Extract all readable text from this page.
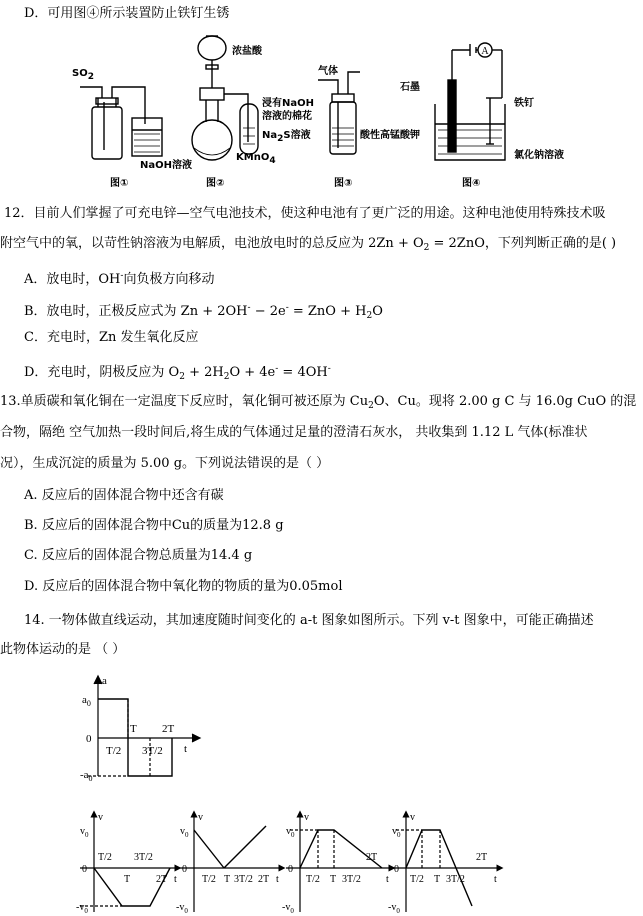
D．可用图④所示装置防止铁钉生锈
A
SO2
NaOH溶液
图①
浓盐酸
浸有NaOH
溶液的棉花
Na2S溶液
KMnO4
图②
气体
酸性高锰酸钾
图③
石墨
铁钉
氯化钠溶液
图④
12．目前人们掌握了可充电锌—空气电池技术，使这种电池有了更广泛的用途。这种电池使用特殊技术吸
附空气中的氧，以苛性钠溶液为电解质，电池放电时的总反应为 $2Zn + O_2 = 2ZnO$，下列判断正确的是( )
A．放电时，OH-向负极方向移动
B．放电时，正极反应式为 Zn + 2OH- − 2e- = ZnO + $H_2O$
C．充电时，Zn 发生氧化反应
D．充电时，阴极反应为 $O_2 + 2H_2O + 4e^- = 4OH^-$
13.单质碳和氧化铜在一定温度下反应时，氧化铜可被还原为 $Cu_2O$、Cu。现将 2.00 g C 与 16.0g CuO 的混
合物，隔绝 空气加热一段时间后,将生成的气体通过足量的澄清石灰水， 共收集到 1.12 L 气体(标准状
况），生成沉淀的质量为 5.00 g。下列说法错误的是（ ）
A. 反应后的固体混合物中还含有碳
B. 反应后的固体混合物中Cu的质量为12.8 g
C. 反应后的固体混合物总质量为14.4 g
D. 反应后的固体混合物中氧化物的物质的量为0.05mol
14. 一物体做直线运动，其加速度随时间变化的 a-t 图象如图所示。下列 v-t 图象中，可能正确描述
此物体运动的是 （ ）
a
$a_0$
0
$-a_0$
T 2T
T/2 3T/2 t
v
$v_0$
0
$-v_0$
T/2 3T/2
T	2T t
v
$v_0$
0
$-v_0$
T/2 T 3T/2 2T t
v
$v_0$
0
$-v_0$
T/2 T 3T/2
2T
t
v
$v_0$
0
$-v_0$
T/2 T 3T/2
2T
t
